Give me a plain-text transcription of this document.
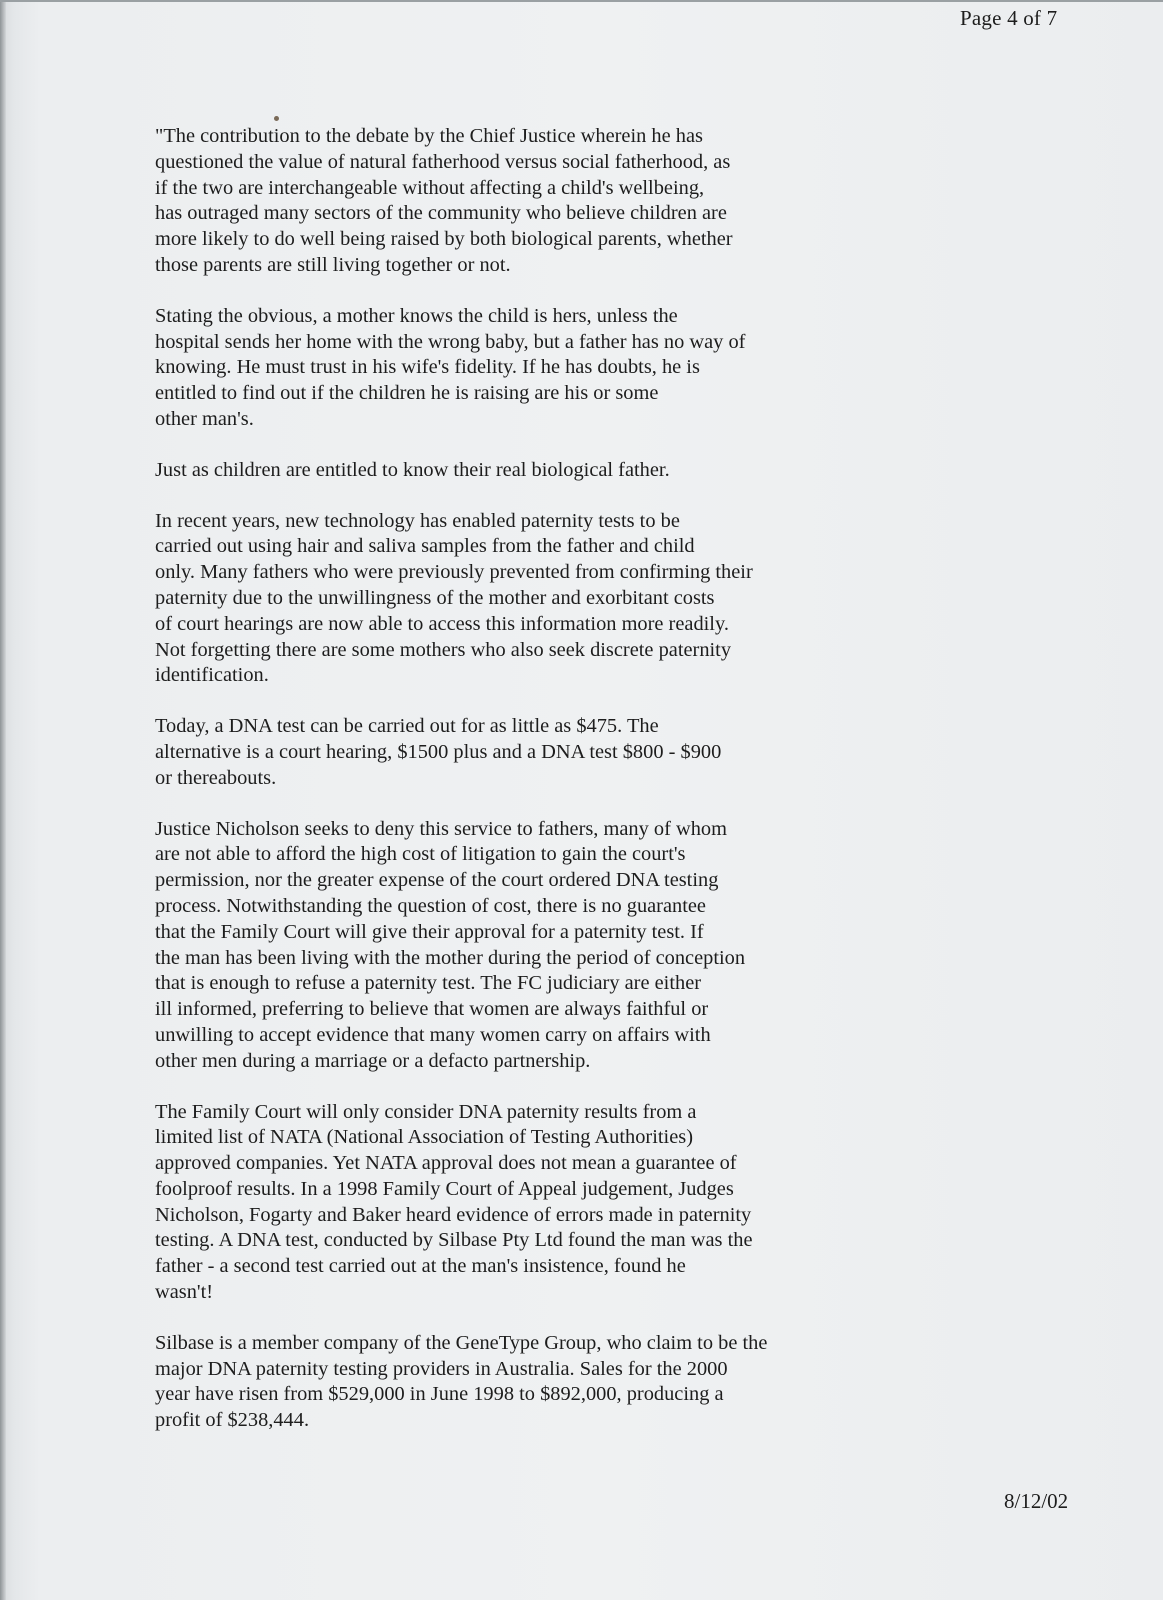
Page 4 of 7

"The contribution to the debate by the Chief Justice wherein he has
questioned the value of natural fatherhood versus social fatherhood, as
if the two are interchangeable without affecting a child's wellbeing,
has outraged many sectors of the community who believe children are
more likely to do well being raised by both biological parents, whether
those parents are still living together or not.

Stating the obvious, a mother knows the child is hers, unless the
hospital sends her home with the wrong baby, but a father has no way of
knowing. He must trust in his wife's fidelity. If he has doubts, he is
entitled to find out if the children he is raising are his or some
other man's.

Just as children are entitled to know their real biological father.

In recent years, new technology has enabled paternity tests to be
carried out using hair and saliva samples from the father and child
only. Many fathers who were previously prevented from confirming their
paternity due to the unwillingness of the mother and exorbitant costs
of court hearings are now able to access this information more readily.
Not forgetting there are some mothers who also seek discrete paternity
identification.

Today, a DNA test can be carried out for as little as $475. The
alternative is a court hearing, $1500 plus and a DNA test $800 - $900
or thereabouts.

Justice Nicholson seeks to deny this service to fathers, many of whom
are not able to afford the high cost of litigation to gain the court's
permission, nor the greater expense of the court ordered DNA testing
process. Notwithstanding the question of cost, there is no guarantee
that the Family Court will give their approval for a paternity test. If
the man has been living with the mother during the period of conception
that is enough to refuse a paternity test. The FC judiciary are either
ill informed, preferring to believe that women are always faithful or
unwilling to accept evidence that many women carry on affairs with
other men during a marriage or a defacto partnership.

The Family Court will only consider DNA paternity results from a
limited list of NATA (National Association of Testing Authorities)
approved companies. Yet NATA approval does not mean a guarantee of
foolproof results. In a 1998 Family Court of Appeal judgement, Judges
Nicholson, Fogarty and Baker heard evidence of errors made in paternity
testing. A DNA test, conducted by Silbase Pty Ltd found the man was the
father - a second test carried out at the man's insistence, found he
wasn't!

Silbase is a member company of the GeneType Group, who claim to be the
major DNA paternity testing providers in Australia. Sales for the 2000
year have risen from $529,000 in June 1998 to $892,000, producing a
profit of $238,444.

8/12/02
